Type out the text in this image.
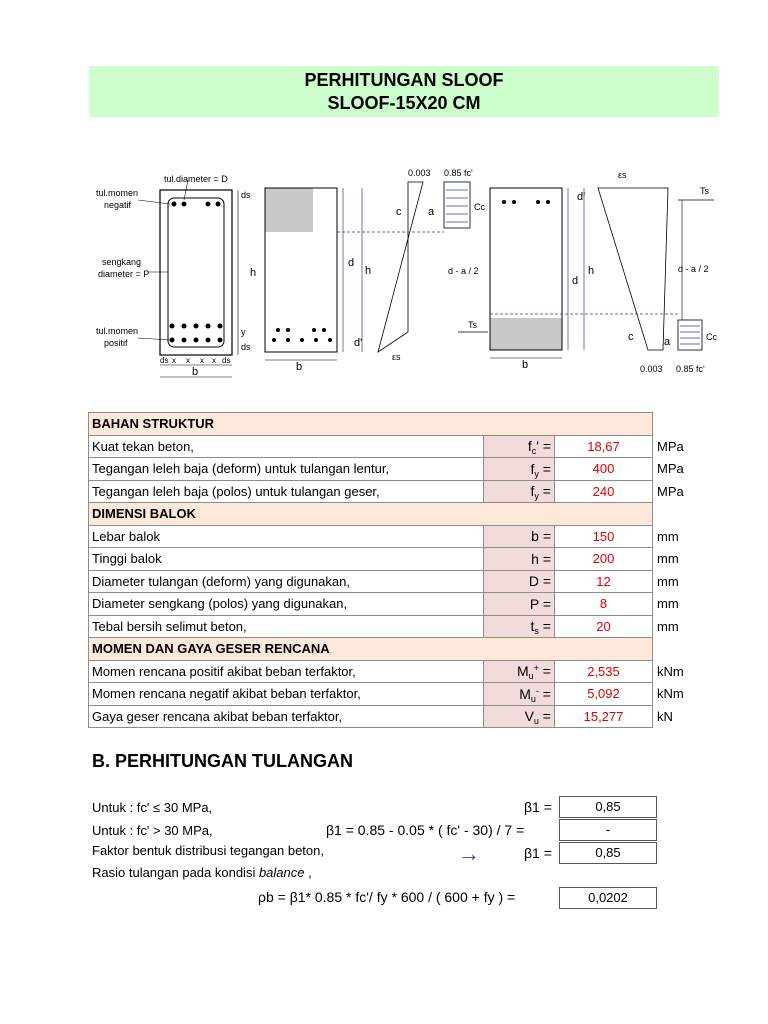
PERHITUNGAN SLOOF
SLOOF-15X20 CM
tul.diameter = D
tul.momen
negatif
sengkang
diameter = P
tul.momen
positif
ds
h
y
ds
ds x x x x ds
b
d
h
d'
b
0.003 0.85 fc'
c a	Cc
d - a / 2
Ts
εs
d
h
d'
b
εs
c	a	Cc
Ts
d - a / 2
0.003 0.85 fc'
BAHAN STRUKTUR			
Kuat tekan beton,	$f_c'$ =	18,67	MPa
Tegangan leleh baja (deform) untuk tulangan lentur,	$f_y$ =	400	MPa
Tegangan leleh baja (polos) untuk tulangan geser,	$f_y$ =	240	MPa
DIMENSI BALOK			
Lebar balok	b =	150	mm
Tinggi balok	h =	200	mm
Diameter tulangan (deform) yang digunakan,	D =	12	mm
Diameter sengkang (polos) yang digunakan,	P =	8	mm
Tebal bersih selimut beton,	$t_s$ =	20	mm
MOMEN DAN GAYA GESER RENCANA			
Momen rencana positif akibat beban terfaktor,	$M_u^+$ =	2,535	kNm
Momen rencana negatif akibat beban terfaktor,	$M_u^-$ =	5,092	kNm
Gaya geser rencana akibat beban terfaktor,	$V_u$ =	15,277	kN
B. PERHITUNGAN TULANGAN
Untuk : fc' ≤ 30 MPa,	β1 =	0,85
Untuk : fc' > 30 MPa,	β1 = 0.85 - 0.05 * ( fc' - 30) / 7 =	-
Faktor bentuk distribusi tegangan beton,	→	β1 =	0,85
Rasio tulangan pada kondisi balance ,
ρb = β1* 0.85 * fc'/ fy * 600 / ( 600 + fy ) =	0,0202
